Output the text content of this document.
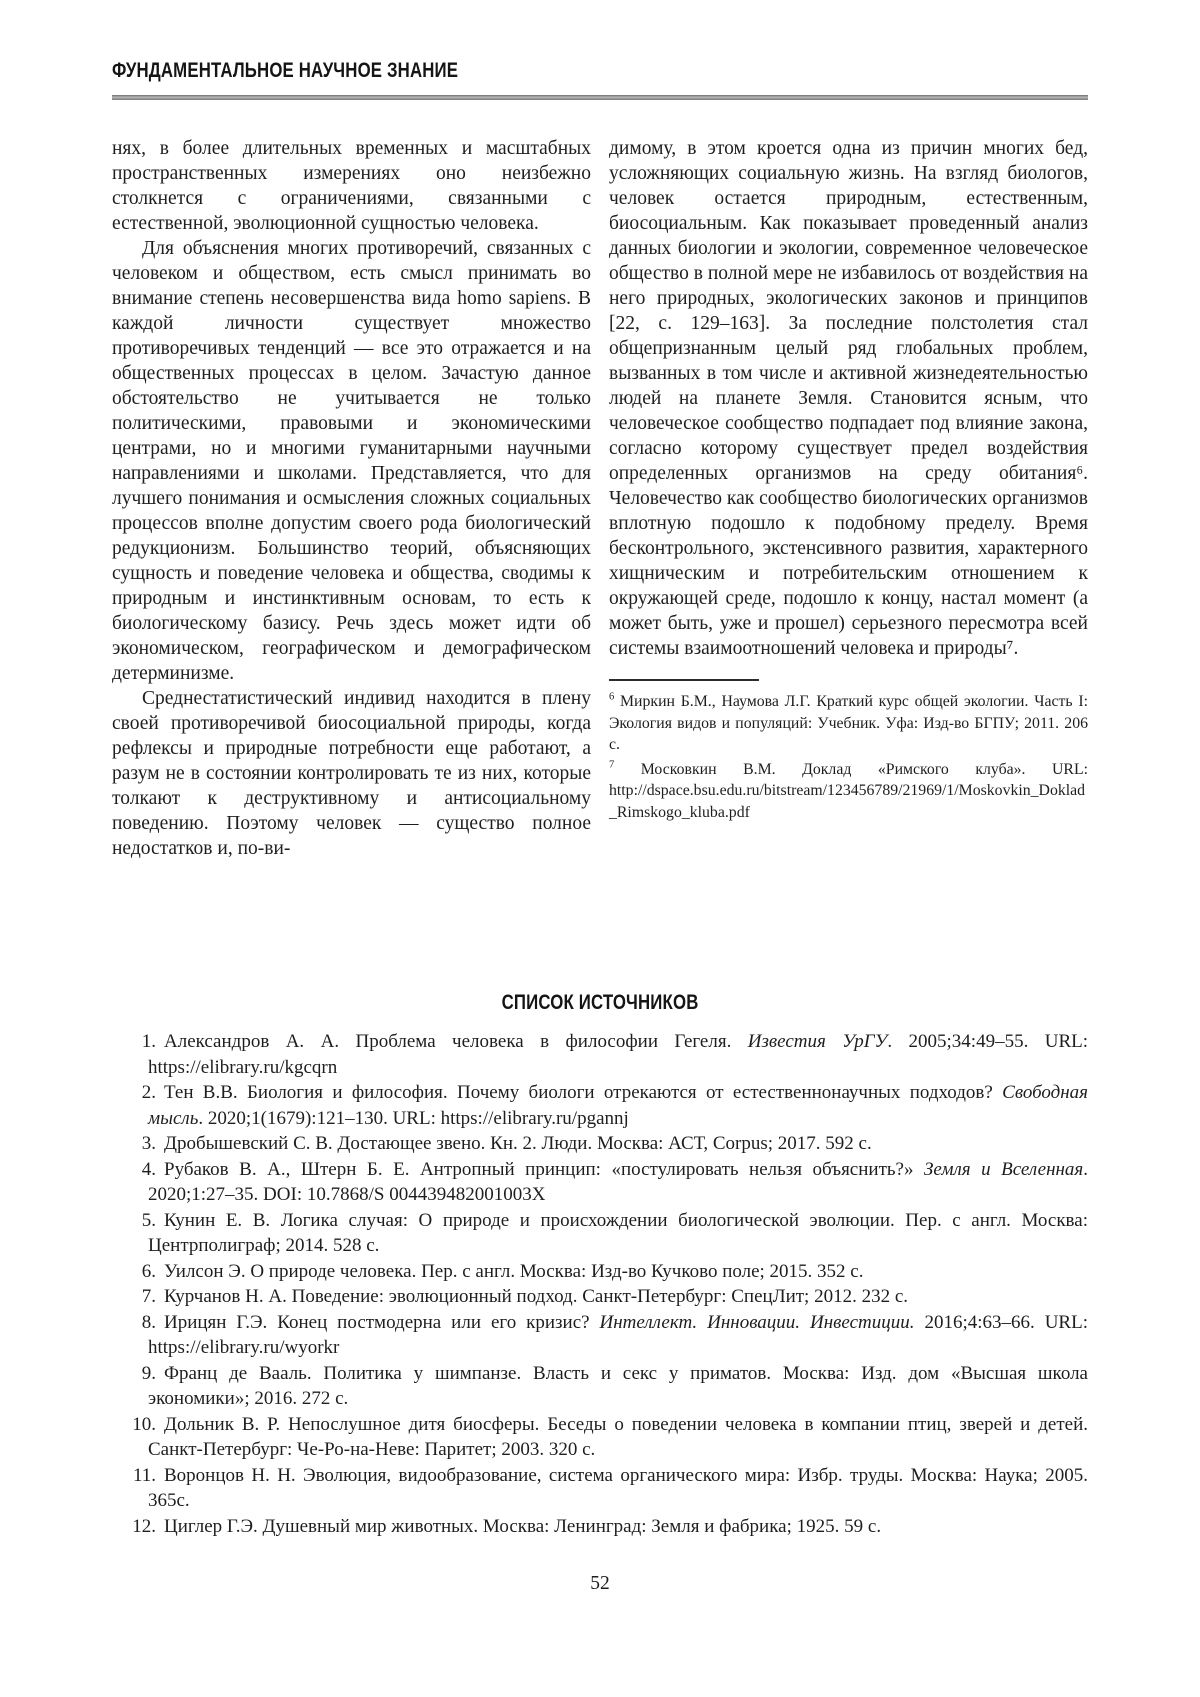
ФУНДАМЕНТАЛЬНОЕ НАУЧНОЕ ЗНАНИЕ

нях, в более длительных временных и масштабных пространственных измерениях оно неизбежно столкнется с ограничениями, связанными с естественной, эволюционной сущностью человека.

Для объяснения многих противоречий, связанных с человеком и обществом, есть смысл принимать во внимание степень несовершенства вида homo sapiens. В каждой личности существует множество противоречивых тенденций — все это отражается и на общественных процессах в целом. Зачастую данное обстоятельство не учитывается не только политическими, правовыми и экономическими центрами, но и многими гуманитарными научными направлениями и школами. Представляется, что для лучшего понимания и осмысления сложных социальных процессов вполне допустим своего рода биологический редукционизм. Большинство теорий, объясняющих сущность и поведение человека и общества, сводимы к природным и инстинктивным основам, то есть к биологическому базису. Речь здесь может идти об экономическом, географическом и демографическом детерминизме.

Среднестатистический индивид находится в плену своей противоречивой биосоциальной природы, когда рефлексы и природные потребности еще работают, а разум не в состоянии контролировать те из них, которые толкают к деструктивному и антисоциальному поведению. Поэтому человек — существо полное недостатков и, по-ви-

димому, в этом кроется одна из причин многих бед, усложняющих социальную жизнь. На взгляд биологов, человек остается природным, естественным, биосоциальным. Как показывает проведенный анализ данных биологии и экологии, современное человеческое общество в полной мере не избавилось от воздействия на него природных, экологических законов и принципов [22, с. 129–163]. За последние полстолетия стал общепризнанным целый ряд глобальных проблем, вызванных в том числе и активной жизнедеятельностью людей на планете Земля. Становится ясным, что человеческое сообщество подпадает под влияние закона, согласно которому существует предел воздействия определенных организмов на среду обитания⁶. Человечество как сообщество биологических организмов вплотную подошло к подобному пределу. Время бесконтрольного, экстенсивного развития, характерного хищническим и потребительским отношением к окружающей среде, подошло к концу, настал момент (а может быть, уже и прошел) серьезного пересмотра всей системы взаимоотношений человека и природы⁷.

$^6$ Миркин Б.М., Наумова Л.Г. Краткий курс общей экологии. Часть I: Экология видов и популяций: Учебник. Уфа: Изд-во БГПУ; 2011. 206 с.

$^7$ Московкин В.М. Доклад «Римского клуба». URL: http://dspace.bsu.edu.ru/bitstream/123456789/21969/1/Moskovkin_Doklad_Rimskogo_kluba.pdf

СПИСОК ИСТОЧНИКОВ
1. Александров А. А. Проблема человека в философии Гегеля. Известия УрГУ. 2005;34:49–55. URL: https://elibrary.ru/kgcqrn
2. Тен В.В. Биология и философия. Почему биологи отрекаются от естественнонаучных подходов? Свободная мысль. 2020;1(1679):121–130. URL: https://elibrary.ru/pgannj
3. Дробышевский С. В. Достающее звено. Кн. 2. Люди. Москва: АСТ, Corpus; 2017. 592 с.
4. Рубаков В. А., Штерн Б. Е. Антропный принцип: «постулировать нельзя объяснить?» Земля и Вселенная. 2020;1:27–35. DOI: 10.7868/S 004439482001003X
5. Кунин Е. В. Логика случая: О природе и происхождении биологической эволюции. Пер. с англ. Москва: Центрполиграф; 2014. 528 с.
6. Уилсон Э. О природе человека. Пер. с англ. Москва: Изд-во Кучково поле; 2015. 352 с.
7. Курчанов Н. А. Поведение: эволюционный подход. Санкт-Петербург: СпецЛит; 2012. 232 с.
8. Ирицян Г.Э. Конец постмодерна или его кризис? Интеллект. Инновации. Инвестиции. 2016;4:63–66. URL: https://elibrary.ru/wyorkr
9. Франц де Вааль. Политика у шимпанзе. Власть и секс у приматов. Москва: Изд. дом «Высшая школа экономики»; 2016. 272 с.
10. Дольник В. Р. Непослушное дитя биосферы. Беседы о поведении человека в компании птиц, зверей и детей. Санкт-Петербург: Че-Ро-на-Неве: Паритет; 2003. 320 с.
11. Воронцов Н. Н. Эволюция, видообразование, система органического мира: Избр. труды. Москва: Наука; 2005. 365с.
12. Циглер Г.Э. Душевный мир животных. Москва: Ленинград: Земля и фабрика; 1925. 59 с.
52
